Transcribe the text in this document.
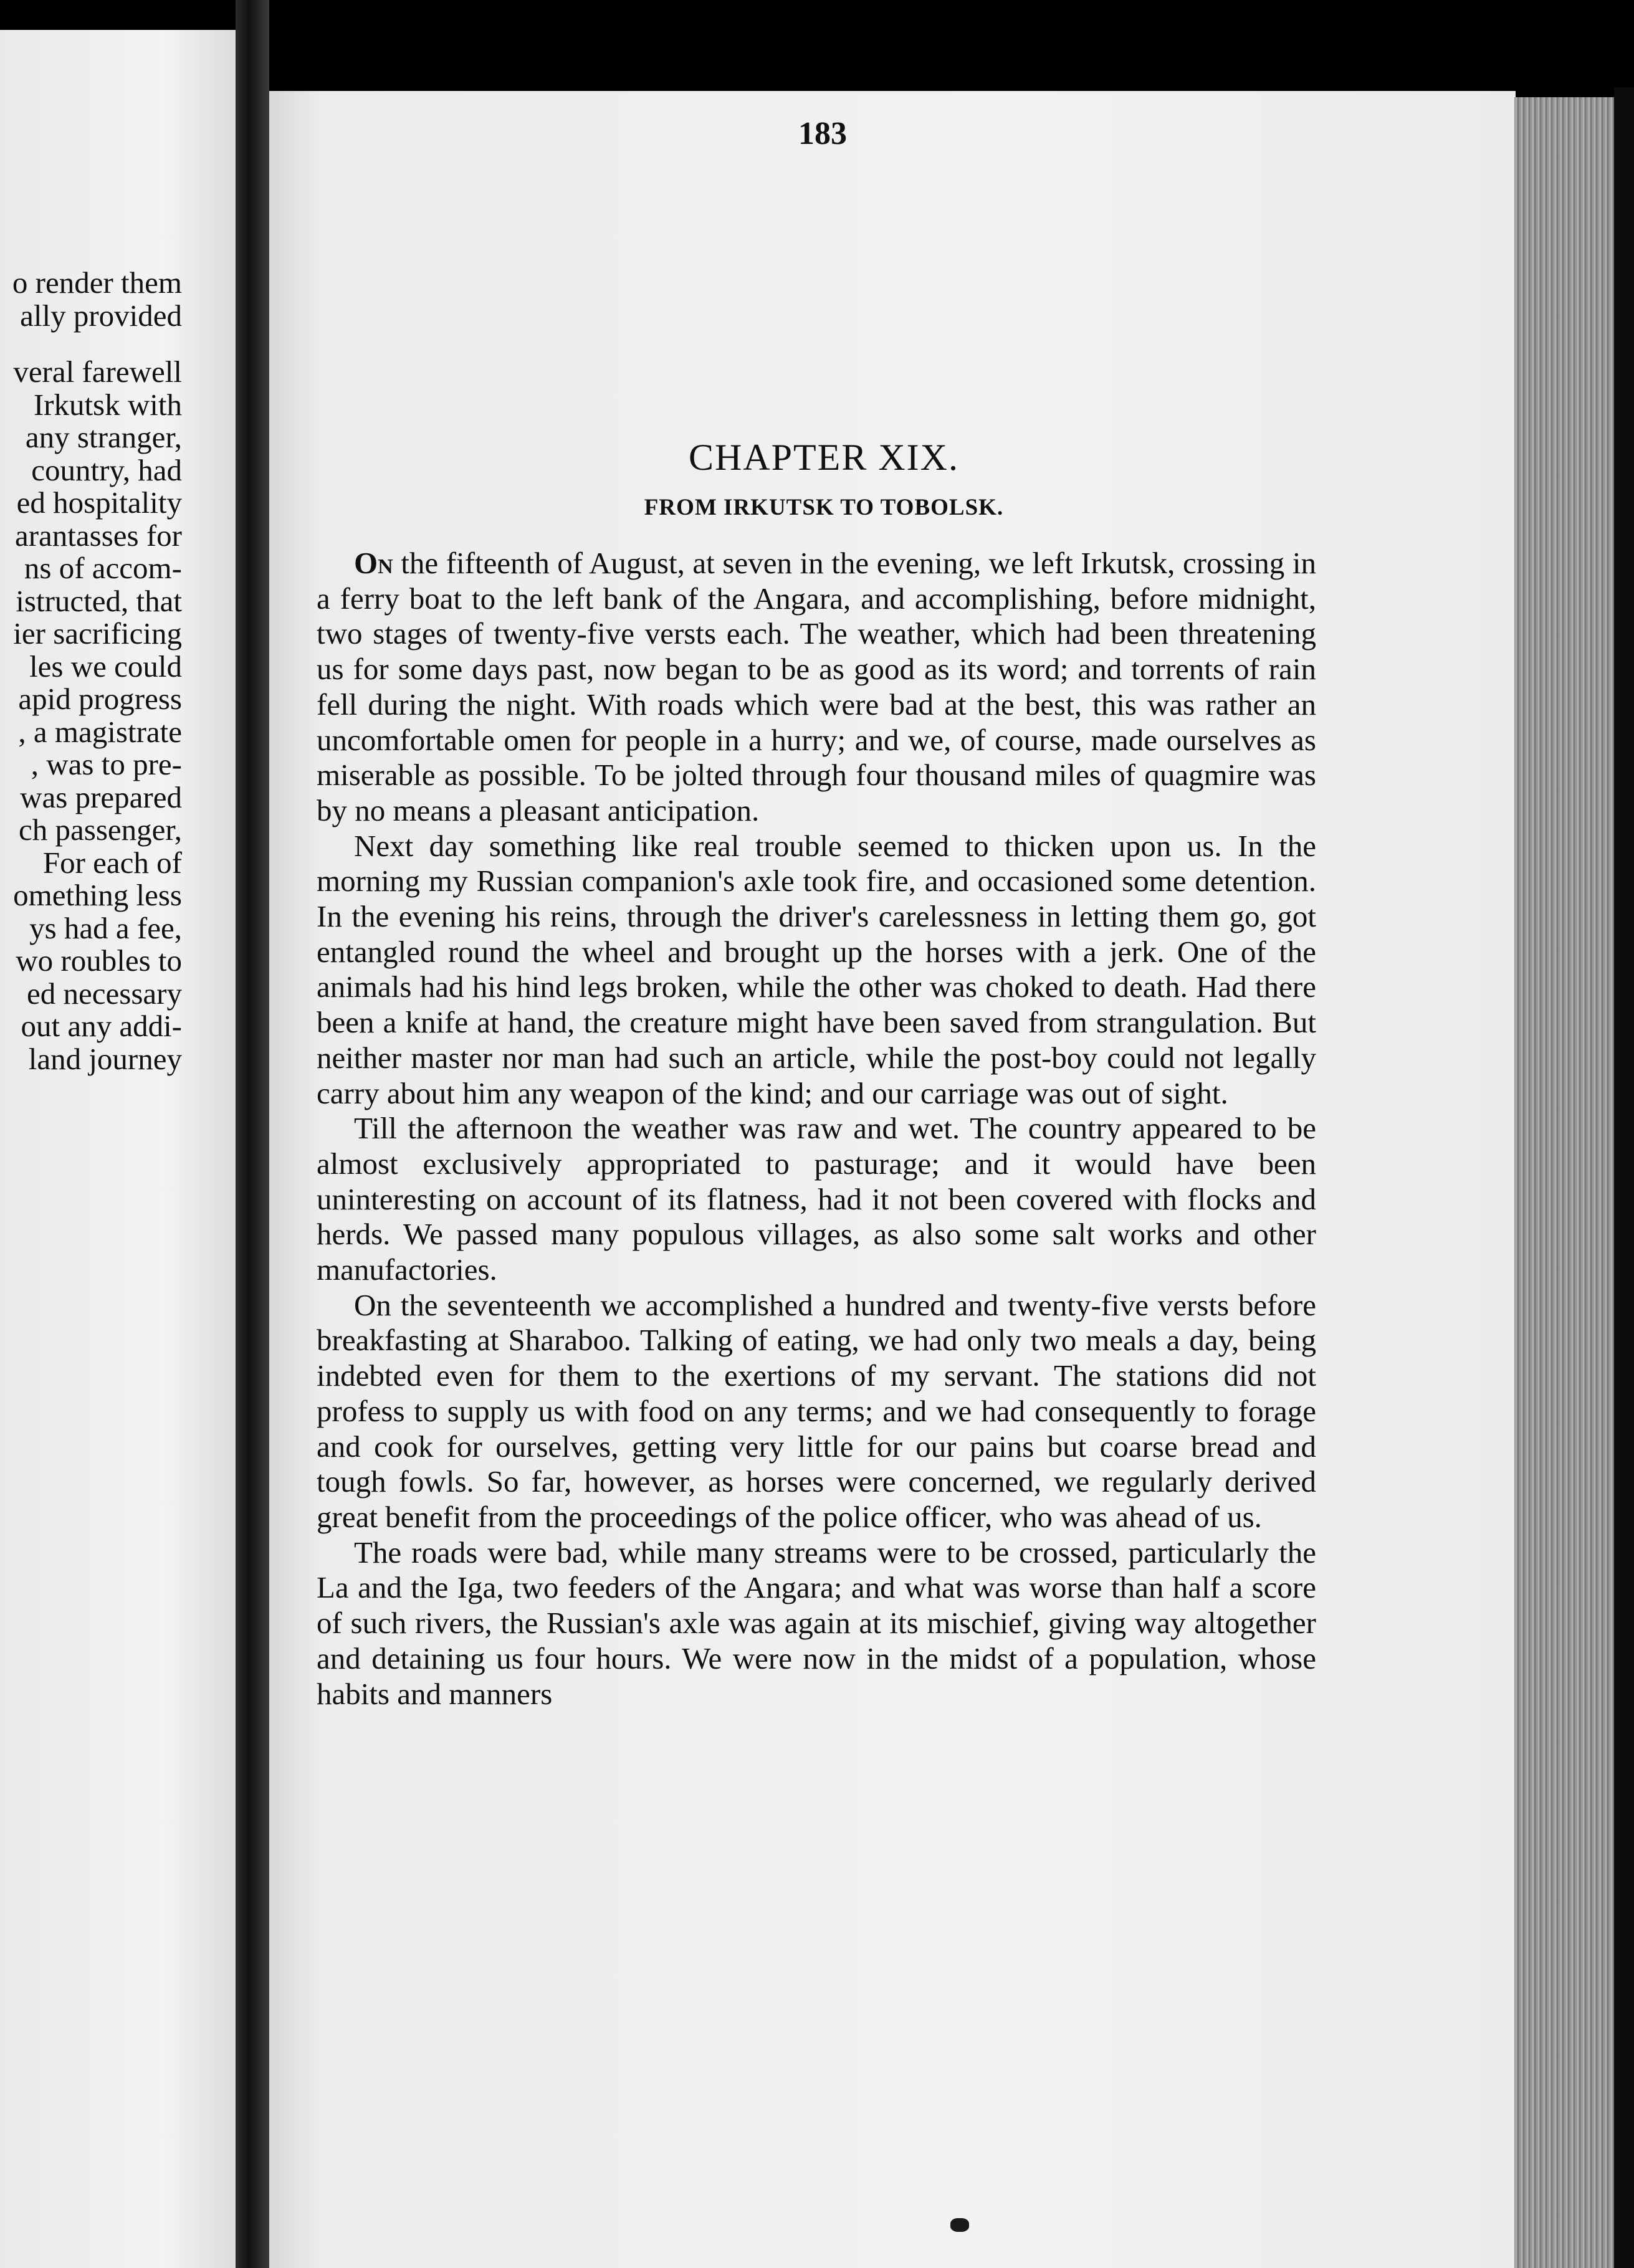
o render them
ally provided
veral farewell
Irkutsk with
any stranger,
country, had
ed hospitality
arantasses for
ns of accom-
istructed, that
ier sacrificing
les we could
apid progress
, a magistrate
, was to pre-
was prepared
ch passenger,
For each of
omething less
ys had a fee,
wo roubles to
ed necessary
out any addi-
land journey
183
CHAPTER XIX.
FROM IRKUTSK TO TOBOLSK.

On the fifteenth of August, at seven in the evening, we left Irkutsk, crossing in a ferry boat to the left bank of the Angara, and accomplishing, before midnight, two stages of twenty-five versts each. The weather, which had been threatening us for some days past, now began to be as good as its word; and torrents of rain fell during the night. With roads which were bad at the best, this was rather an uncomfortable omen for people in a hurry; and we, of course, made ourselves as miserable as possible. To be jolted through four thousand miles of quagmire was by no means a pleasant anticipation.

Next day something like real trouble seemed to thicken upon us. In the morning my Russian companion's axle took fire, and occasioned some detention. In the evening his reins, through the driver's carelessness in letting them go, got entangled round the wheel and brought up the horses with a jerk. One of the animals had his hind legs broken, while the other was choked to death. Had there been a knife at hand, the creature might have been saved from strangulation. But neither master nor man had such an article, while the post-boy could not legally carry about him any weapon of the kind; and our carriage was out of sight.

Till the afternoon the weather was raw and wet. The country appeared to be almost exclusively appropriated to pasturage; and it would have been uninteresting on account of its flatness, had it not been covered with flocks and herds. We passed many populous villages, as also some salt works and other manufactories.

On the seventeenth we accomplished a hundred and twenty-five versts before breakfasting at Sharaboo. Talking of eating, we had only two meals a day, being indebted even for them to the exertions of my servant. The stations did not profess to supply us with food on any terms; and we had consequently to forage and cook for ourselves, getting very little for our pains but coarse bread and tough fowls. So far, however, as horses were concerned, we regularly derived great benefit from the proceedings of the police officer, who was ahead of us.

The roads were bad, while many streams were to be crossed, particularly the La and the Iga, two feeders of the Angara; and what was worse than half a score of such rivers, the Russian's axle was again at its mischief, giving way altogether and detaining us four hours. We were now in the midst of a population, whose habits and manners
